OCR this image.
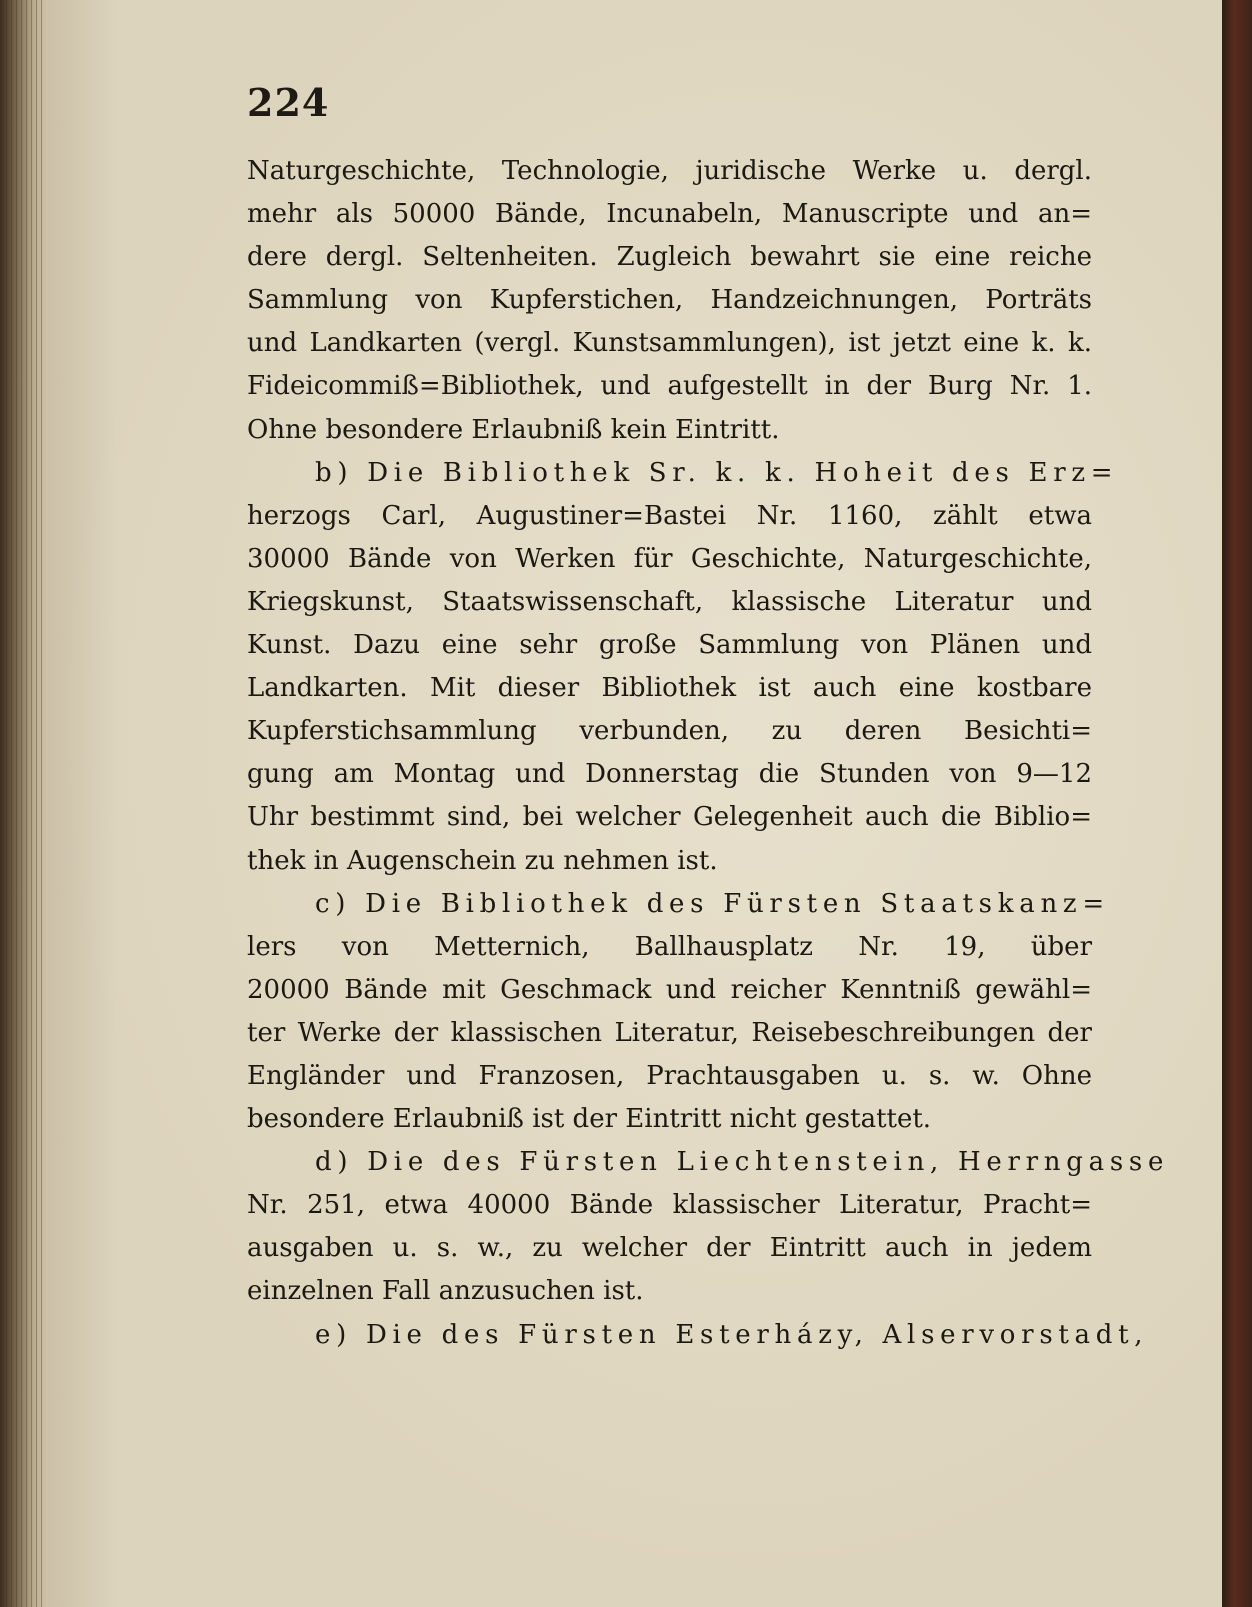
224
Naturgeschichte, Technologie, juridische Werke u. dergl.
mehr als 50000 Bände, Incunabeln, Manuscripte und an=
dere dergl. Seltenheiten. Zugleich bewahrt sie eine reiche
Sammlung von Kupferstichen, Handzeichnungen, Porträts
und Landkarten (vergl. Kunstsammlungen), ist jetzt eine k. k.
Fideicommiß=Bibliothek, und aufgestellt in der Burg Nr. 1.
Ohne besondere Erlaubniß kein Eintritt.
b) Die Bibliothek Sr. k. k. Hoheit des Erz=
herzogs Carl, Augustiner=Bastei Nr. 1160, zählt etwa
30000 Bände von Werken für Geschichte, Naturgeschichte,
Kriegskunst, Staatswissenschaft, klassische Literatur und
Kunst. Dazu eine sehr große Sammlung von Plänen und
Landkarten. Mit dieser Bibliothek ist auch eine kostbare
Kupferstichsammlung verbunden, zu deren Besichti=
gung am Montag und Donnerstag die Stunden von 9—12
Uhr bestimmt sind, bei welcher Gelegenheit auch die Biblio=
thek in Augenschein zu nehmen ist.
c) Die Bibliothek des Fürsten Staatskanz=
lers von Metternich, Ballhausplatz Nr. 19, über
20000 Bände mit Geschmack und reicher Kenntniß gewähl=
ter Werke der klassischen Literatur, Reisebeschreibungen der
Engländer und Franzosen, Prachtausgaben u. s. w. Ohne
besondere Erlaubniß ist der Eintritt nicht gestattet.
d) Die des Fürsten Liechtenstein, Herrngasse
Nr. 251, etwa 40000 Bände klassischer Literatur, Pracht=
ausgaben u. s. w., zu welcher der Eintritt auch in jedem
einzelnen Fall anzusuchen ist.
e) Die des Fürsten Esterházy, Alservorstadt,
